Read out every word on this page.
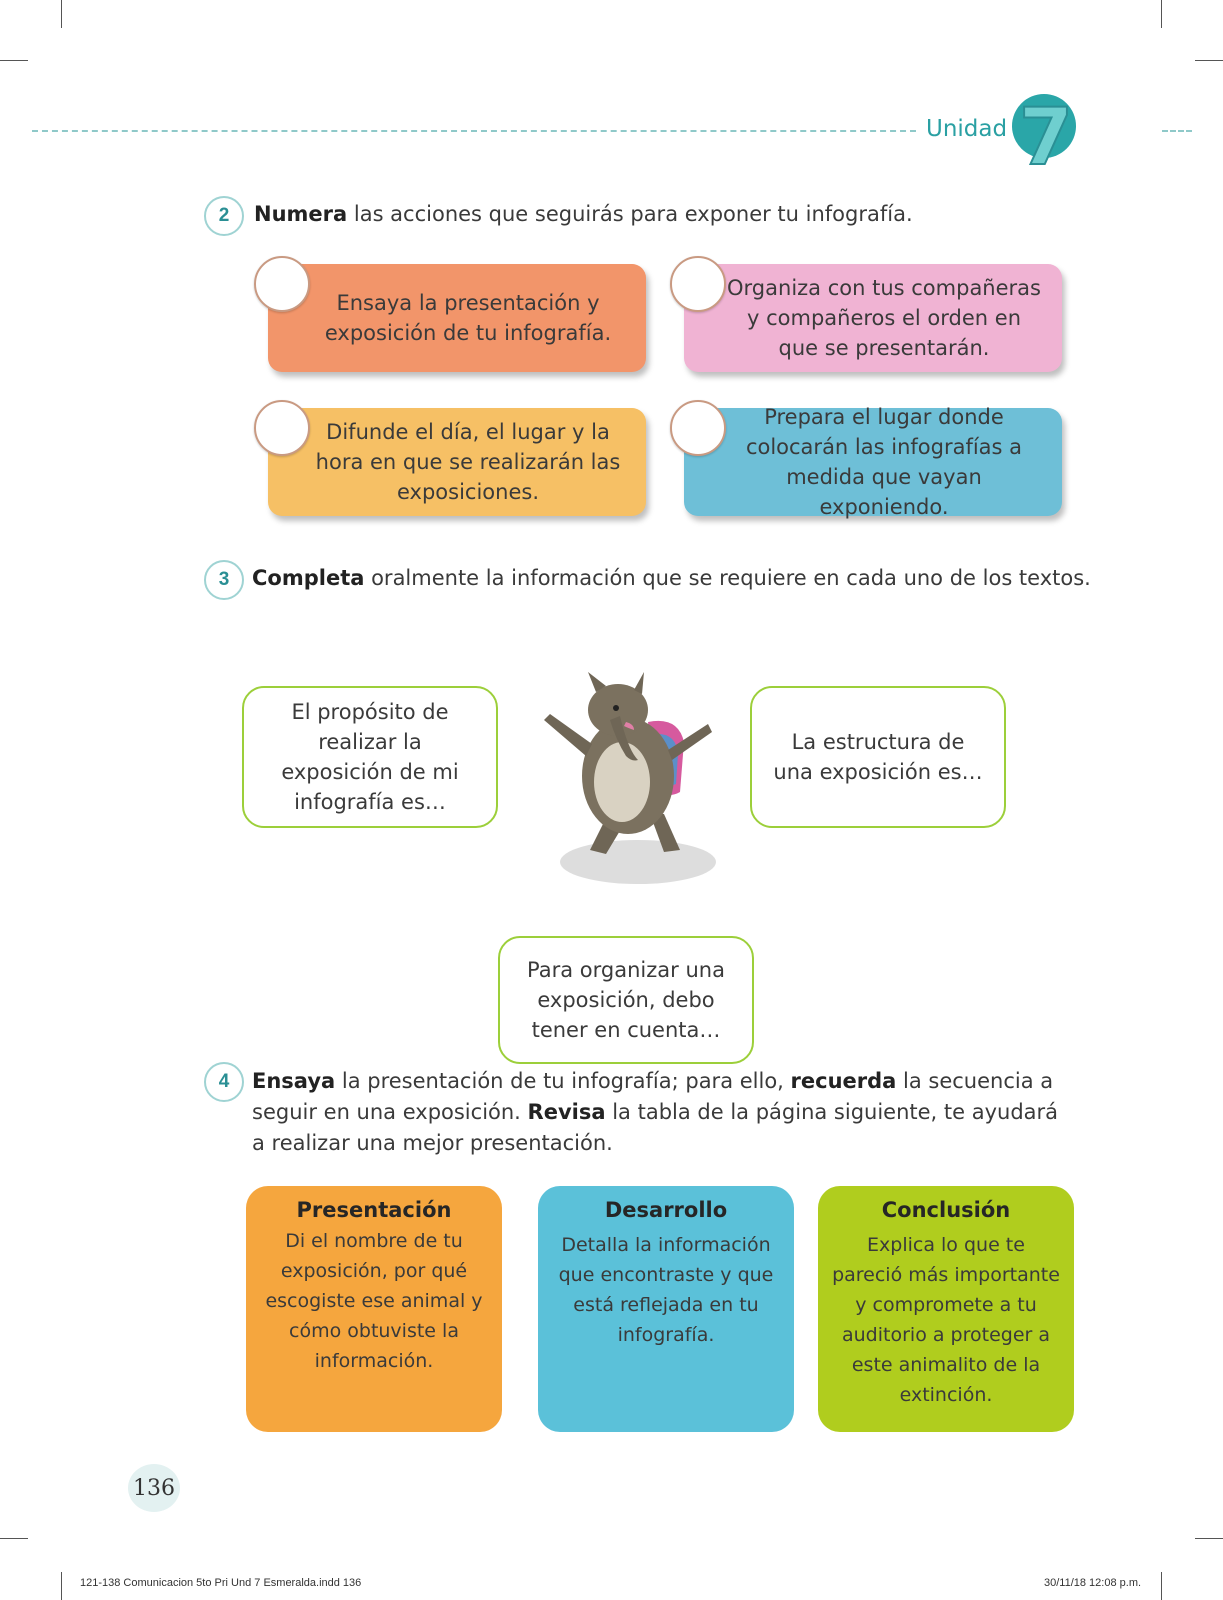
Unidad 7
2	Numera las acciones que seguirás para exponer tu infografía.
Ensaya la presentación y exposición de tu infografía.
Organiza con tus compañeras y compañeros el orden en que se presentarán.
Difunde el día, el lugar y la hora en que se realizarán las exposiciones.
Prepara el lugar donde colocarán las infografías a medida que vayan exponiendo.
3	Completa oralmente la información que se requiere en cada uno de los textos.
El propósito de realizar la exposición de mi infografía es…
La estructura de una exposición es…
Para organizar una exposición, debo tener en cuenta…
4	Ensaya la presentación de tu infografía; para ello, recuerda la secuencia a seguir en una exposición. Revisa la tabla de la página siguiente, te ayudará a realizar una mejor presentación.
Presentación
Di el nombre de tu exposición, por qué escogiste ese animal y cómo obtuviste la información.
Desarrollo
Detalla la información que encontraste y que está reflejada en tu infografía.
Conclusión
Explica lo que te pareció más importante y compromete a tu auditorio a proteger a este animalito de la extinción.
136
121-138 Comunicacion 5to Pri Und 7 Esmeralda.indd 136	30/11/18 12:08 p.m.
